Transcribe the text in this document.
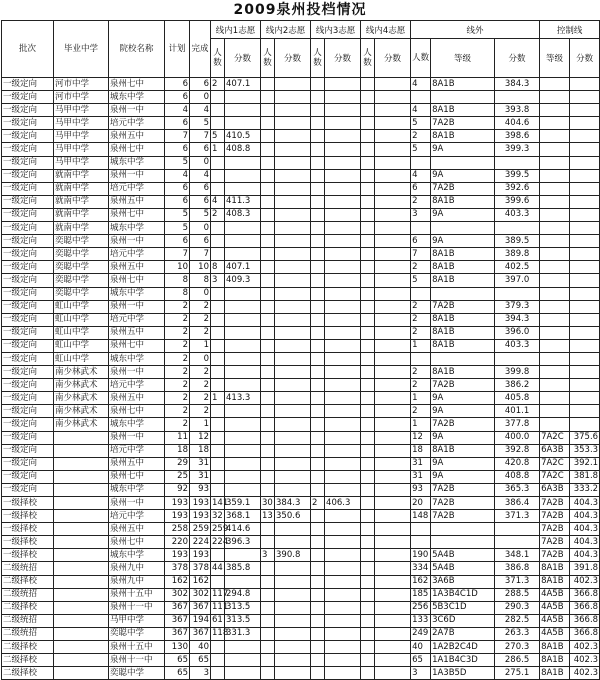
2009泉州投档情况
批次	毕业中学	院校名称	计划	完成	线内1志愿		线内2志愿		线内3志愿		线内4志愿		线外			控制线	
					人数	分数	人数	分数	人数	分数	人数	分数	人数	等级	分数	等级	分数
一级定向	河市中学	泉州七中	6	6	2	407.1							4	8A1B	384.3		
一级定向	河市中学	城东中学	6	0													
一级定向	马甲中学	泉州一中	4	4									4	8A1B	393.8		
一级定向	马甲中学	培元中学	6	5									5	7A2B	404.6		
一级定向	马甲中学	泉州五中	7	7	5	410.5							2	8A1B	398.6		
一级定向	马甲中学	泉州七中	6	6	1	408.8							5	9A	399.3		
一级定向	马甲中学	城东中学	5	0													
一级定向	就南中学	泉州一中	4	4									4	9A	399.5		
一级定向	就南中学	培元中学	6	6									6	7A2B	392.6		
一级定向	就南中学	泉州五中	6	6	4	411.3							2	8A1B	399.6		
一级定向	就南中学	泉州七中	5	5	2	408.3							3	9A	403.3		
一级定向	就南中学	城东中学	5	0													
一级定向	奕聪中学	泉州一中	6	6									6	9A	389.5		
一级定向	奕聪中学	培元中学	7	7									7	8A1B	389.8		
一级定向	奕聪中学	泉州五中	10	10	8	407.1							2	8A1B	402.5		
一级定向	奕聪中学	泉州七中	8	8	3	409.3							5	8A1B	397.0		
一级定向	奕聪中学	城东中学	8	0													
一级定向	虹山中学	泉州一中	2	2									2	7A2B	379.3		
一级定向	虹山中学	培元中学	2	2									2	8A1B	394.3		
一级定向	虹山中学	泉州五中	2	2									2	8A1B	396.0		
一级定向	虹山中学	泉州七中	2	1									1	8A1B	403.3		
一级定向	虹山中学	城东中学	2	0													
一级定向	南少林武术	泉州一中	2	2									2	8A1B	399.8		
一级定向	南少林武术	培元中学	2	2									2	7A2B	386.2		
一级定向	南少林武术	泉州五中	2	2	1	413.3							1	9A	405.8		
一级定向	南少林武术	泉州七中	2	2									2	9A	401.1		
一级定向	南少林武术	城东中学	2	1									1	7A2B	377.8		
一级定向		泉州一中	11	12									12	9A	400.0	7A2C	375.6
一级定向		培元中学	18	18									18	8A1B	392.8	6A3B	353.3
一级定向		泉州五中	29	31									31	9A	420.8	7A2C	392.1
一级定向		泉州七中	25	31									31	9A	408.8	7A2C	381.8
一级定向		城东中学	92	93									93	7A2B	365.3	6A3B	333.2
一级择校		泉州一中	193	193	141	359.1	30	384.3	2	406.3			20	7A2B	386.4	7A2B	404.3
一级择校		培元中学	193	193	32	368.1	13	350.6					148	7A2B	371.3	7A2B	404.3
一级择校		泉州五中	258	259	259	414.6										7A2B	404.3
一级择校		泉州七中	220	224	224	396.3										7A2B	404.3
一级择校		城东中学	193	193			3	390.8					190	5A4B	348.1	7A2B	404.3
二级统招		泉州九中	378	378	44	385.8							334	5A4B	386.8	8A1B	391.8
二级择校		泉州九中	162	162									162	3A6B	371.3	8A1B	402.3
二级统招		泉州十五中	302	302	117	294.8							185	1A3B4C1D	288.5	4A5B	366.8
二级择校		泉州十一中	367	367	111	313.5							256	5B3C1D	290.3	4A5B	366.8
二级统招		马甲中学	367	194	61	313.5							133	3C6D	282.5	4A5B	366.8
二级统招		奕聪中学	367	367	118	331.3							249	2A7B	263.3	4A5B	366.8
二级择校		泉州十五中	130	40									40	1A2B2C4D	270.3	8A1B	402.3
二级择校		泉州十一中	65	65									65	1A1B4C3D	286.5	8A1B	402.3
二级择校		奕聪中学	65	3									3	1A3B5D	275.1	8A1B	402.3
